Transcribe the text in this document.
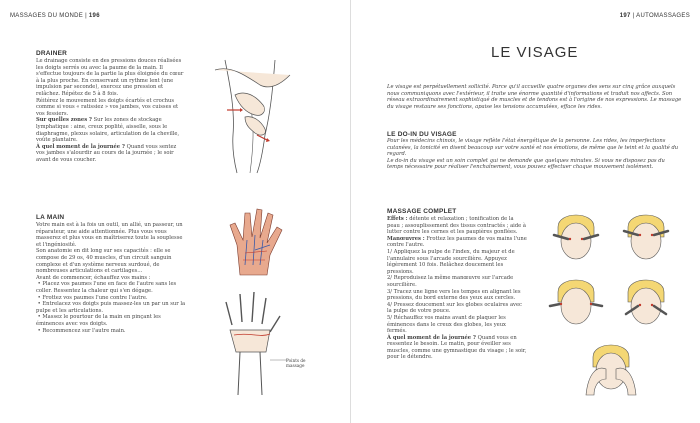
MASSAGES DU MONDE | 196
DRAINER

Le drainage consiste en des pressions douces réalisées les doigts serrés ou avec la paume de la main. Il s'effectue toujours de la partie la plus éloignée du cœur à la plus proche. En conservant un rythme lent (une impulsion par seconde), exercez une pression et relâchez. Répétez de 5 à 8 fois.

Réitérez le mouvement les doigts écartés et crochus comme si vous « ratissiez » vos jambes, vos cuisses et vos fessiers.

Sur quelles zones ? Sur les zones de stockage lymphatique : aine, creux poplité, aisselle, sous le diaphragme, plexus solaire, articulation de la cheville, voûte plantaire.

À quel moment de la journée ? Quand vous sentez vos jambes s'alourdir au cours de la journée ; le soir avant de vous coucher.

LA MAIN

Votre main est à la fois un outil, un allié, un passeur, un réparateur, une aide attentionnée. Plus vous vous masserez et plus vous en maîtriserez toute la souplesse et l'ingéniosité.

Son anatomie en dit long sur ses capacités : elle se compose de 29 os, 40 muscles, d'un circuit sanguin complexe et d'un système nerveux surdoué, de nombreuses articulations et cartilages…

Avant de commencer, échauffez vos mains :

• Placez vos paumes l'une en face de l'autre sans les coller. Ressentez la chaleur qui s'en dégage.

• Frottez vos paumes l'une contre l'autre.

• Entrelacez vos doigts puis massez-les un par un sur la pulpe et les articulations.

• Massez le pourtour de la main en pinçant les éminences avec vos doigts.

• Recommencez sur l'autre main.

Points de massage
197 | AUTOMASSAGES
LE VISAGE
Le visage est perpétuellement sollicité. Parce qu'il accueille quatre organes des sens sur cinq grâce auxquels nous communiquons avec l'extérieur, il traite une énorme quantité d'informations et traduit nos affects. Son réseau extraordinairement sophistiqué de muscles et de tendons est à l'origine de nos expressions. Le massage du visage restaure ses fonctions, apaise les tensions accumulées, efface les rides.
LE DO-IN DU VISAGE

Pour les médecins chinois, le visage reflète l'état énergétique de la personne. Les rides, les imperfections cutanées, la tonicité en disent beaucoup sur votre santé et nos émotions, de même que le teint et la qualité du regard.

Le do-in du visage est un soin complet qui ne demande que quelques minutes. Si vous ne disposez pas du temps nécessaire pour réaliser l'enchaînement, vous pouvez effectuer chaque mouvement isolément.

MASSAGE COMPLET

Effets : détente et relaxation ; tonification de la peau ; assouplissement des tissus contractés ; aide à lutter contre les cernes et les paupières gonflées.

Manœuvres : Frottez les paumes de vos mains l'une contre l'autre.

1/ Appliquez la pulpe de l'index, du majeur et de l'annulaire sous l'arcade sourcilière. Appuyez légèrement 10 fois. Relâchez doucement les pressions.

2/ Reproduisez la même manœuvre sur l'arcade sourcilière.

3/ Tracez une ligne vers les tempes en alignant les pressions, du bord externe des yeux aux cercles.

4/ Pressez doucement sur les globes oculaires avec la pulpe de votre pouce.

5/ Réchauffez vos mains avant de plaquer les éminences dans le creux des globes, les yeux fermés.

À quel moment de la journée ? Quand vous en ressentez le besoin. Le matin, pour éveiller ses muscles, comme une gymnastique du visage ; le soir, pour le détendre.
